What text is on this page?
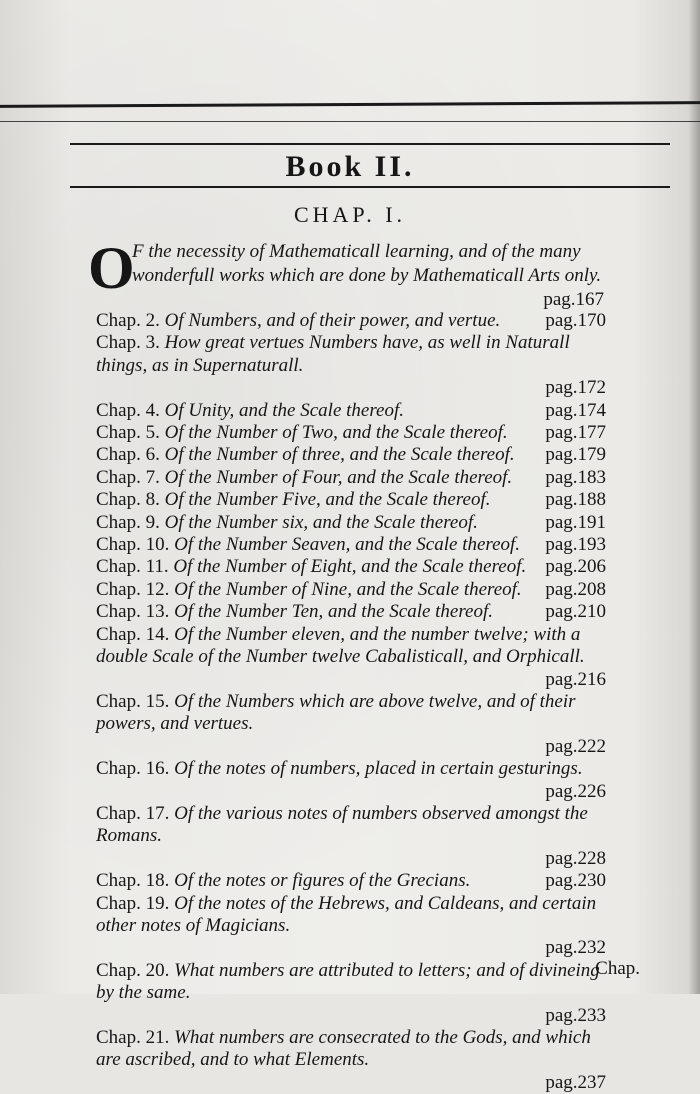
Book II.
CHAP. I.
O
F the necessity of Mathematicall learning, and of the many wonderfull works which are done by Mathematicall Arts only.
pag.167
pag.170
Chap. 2. Of Numbers, and of their power, and vertue.
Chap. 3. How great vertues Numbers have, as well in Naturall things, as in Supernaturall.
pag.172
pag.174
Chap. 4. Of Unity, and the Scale thereof.
pag.177
Chap. 5. Of the Number of Two, and the Scale thereof.
pag.179
Chap. 6. Of the Number of three, and the Scale thereof.
pag.183
Chap. 7. Of the Number of Four, and the Scale thereof.
pag.188
Chap. 8. Of the Number Five, and the Scale thereof.
pag.191
Chap. 9. Of the Number six, and the Scale thereof.
pag.193
Chap. 10. Of the Number Seaven, and the Scale thereof.
pag.206
Chap. 11. Of the Number of Eight, and the Scale thereof.
pag.208
Chap. 12. Of the Number of Nine, and the Scale thereof.
pag.210
Chap. 13. Of the Number Ten, and the Scale thereof.
Chap. 14. Of the Number eleven, and the number twelve; with a double Scale of the Number twelve Cabalisticall, and Orphicall.
pag.216
Chap. 15. Of the Numbers which are above twelve, and of their powers, and vertues.
pag.222
Chap. 16. Of the notes of numbers, placed in certain gesturings.
pag.226
Chap. 17. Of the various notes of numbers observed amongst the Romans.
pag.228
pag.230
Chap. 18. Of the notes or figures of the Grecians.
Chap. 19. Of the notes of the Hebrews, and Caldeans, and certain other notes of Magicians.
pag.232
Chap. 20. What numbers are attributed to letters; and of divineing by the same.
pag.233
Chap. 21. What numbers are consecrated to the Gods, and which are ascribed, and to what Elements.
pag.237
Chap.
